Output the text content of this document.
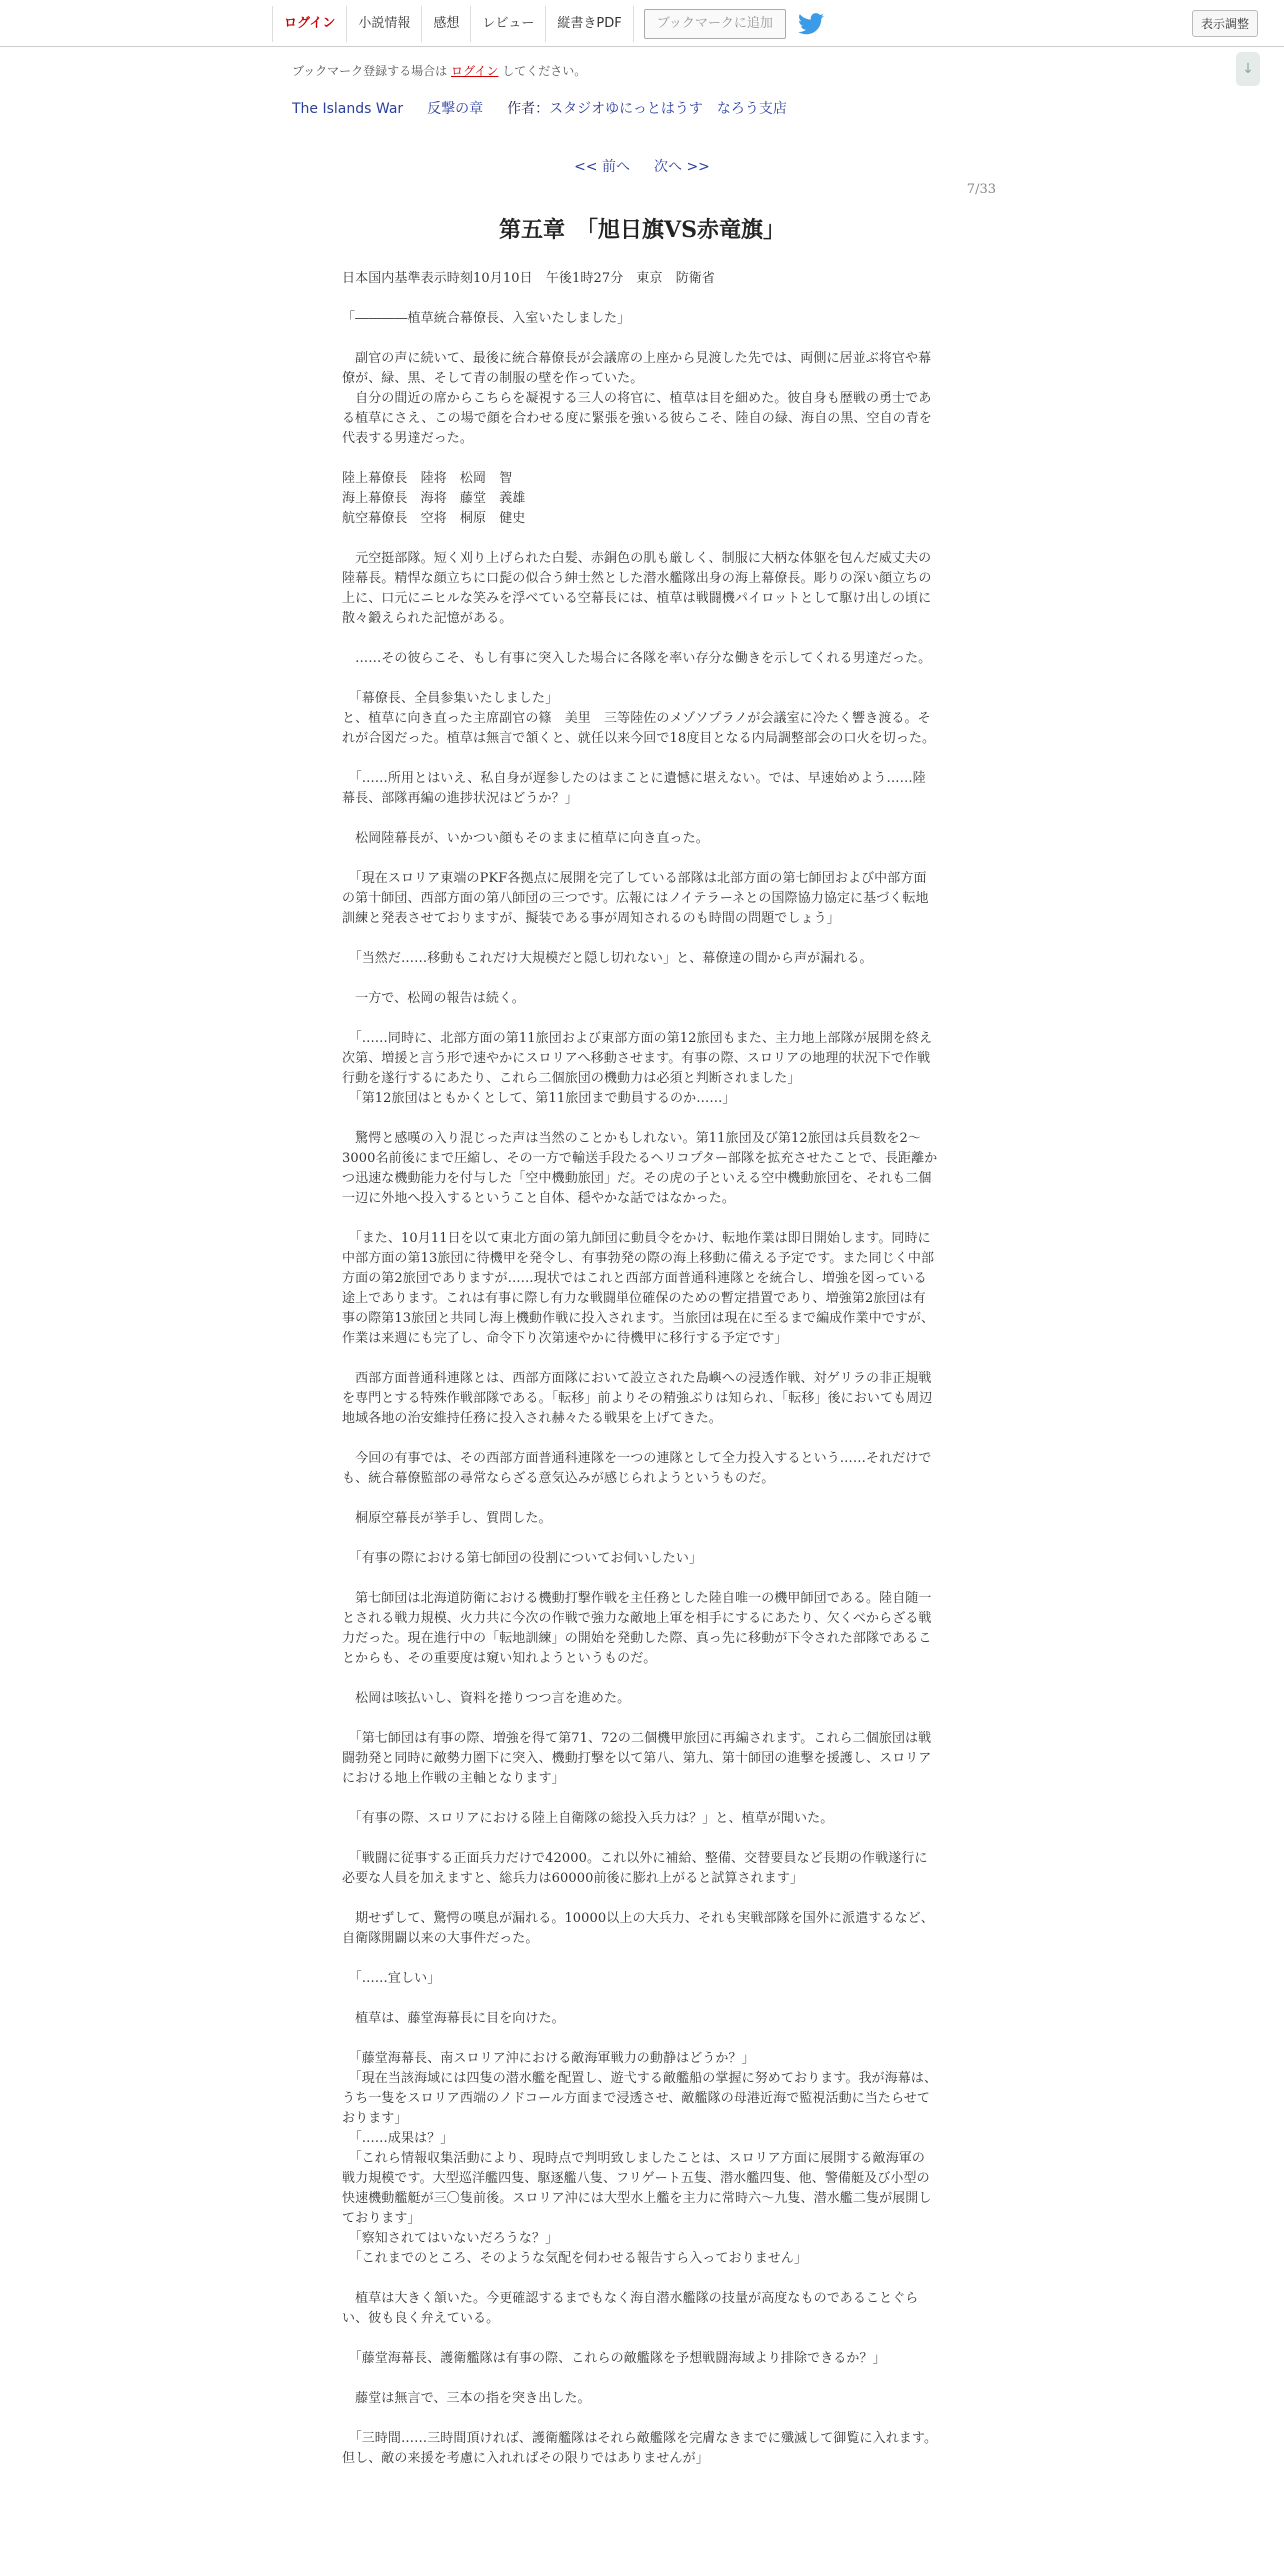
ログイン	小説情報	感想	レビュー	縦書きPDF	ブックマークに追加	表示調整
↓
ブックマーク登録する場合は ログイン してください。
The Islands War 反撃の章 作者：スタジオゆにっとはうす　なろう支店
<< 前へ 次へ >>
7/33
第五章　「旭日旗VS赤竜旗」

日本国内基準表示時刻10月10日　午後1時27分　東京　防衛省

「――――植草統合幕僚長、入室いたしました」

　副官の声に続いて、最後に統合幕僚長が会議席の上座から見渡した先では、両側に居並ぶ将官や幕僚が、緑、黒、そして青の制服の壁を作っていた。

　自分の間近の席からこちらを凝視する三人の将官に、植草は目を細めた。彼自身も歴戦の勇士である植草にさえ、この場で顔を合わせる度に緊張を強いる彼らこそ、陸自の緑、海自の黒、空自の青を代表する男達だった。

陸上幕僚長　陸将　松岡　智

海上幕僚長　海将　藤堂　義雄

航空幕僚長　空将　桐原　健史

　元空挺部隊。短く刈り上げられた白髪、赤銅色の肌も厳しく、制服に大柄な体躯を包んだ威丈夫の陸幕長。精悍な顔立ちに口髭の似合う紳士然とした潜水艦隊出身の海上幕僚長。彫りの深い顔立ちの上に、口元にニヒルな笑みを浮べている空幕長には、植草は戦闘機パイロットとして駆け出しの頃に散々鍛えられた記憶がある。

　……その彼らこそ、もし有事に突入した場合に各隊を率い存分な働きを示してくれる男達だった。

　「幕僚長、全員参集いたしました」

と、植草に向き直った主席副官の篠　美里　三等陸佐のメゾソプラノが会議室に冷たく響き渡る。それが合図だった。植草は無言で頷くと、就任以来今回で18度目となる内局調整部会の口火を切った。

　「……所用とはいえ、私自身が遅参したのはまことに遺憾に堪えない。では、早速始めよう……陸幕長、部隊再編の進捗状況はどうか？」

　松岡陸幕長が、いかつい顔もそのままに植草に向き直った。

　「現在スロリア東端のPKF各拠点に展開を完了している部隊は北部方面の第七師団および中部方面の第十師団、西部方面の第八師団の三つです。広報にはノイテラーネとの国際協力協定に基づく転地訓練と発表させておりますが、擬装である事が周知されるのも時間の問題でしょう」

　「当然だ……移動もこれだけ大規模だと隠し切れない」と、幕僚達の間から声が漏れる。

　一方で、松岡の報告は続く。

　「……同時に、北部方面の第11旅団および東部方面の第12旅団もまた、主力地上部隊が展開を終え次第、増援と言う形で速やかにスロリアへ移動させます。有事の際、スロリアの地理的状況下で作戦行動を遂行するにあたり、これら二個旅団の機動力は必須と判断されました」

　「第12旅団はともかくとして、第11旅団まで動員するのか……」

　驚愕と感嘆の入り混じった声は当然のことかもしれない。第11旅団及び第12旅団は兵員数を2～3000名前後にまで圧縮し、その一方で輸送手段たるヘリコプター部隊を拡充させたことで、長距離かつ迅速な機動能力を付与した「空中機動旅団」だ。その虎の子といえる空中機動旅団を、それも二個一辺に外地へ投入するということ自体、穏やかな話ではなかった。

　「また、10月11日を以て東北方面の第九師団に動員令をかけ、転地作業は即日開始します。同時に中部方面の第13旅団に待機甲を発令し、有事勃発の際の海上移動に備える予定です。また同じく中部方面の第2旅団でありますが……現状ではこれと西部方面普通科連隊とを統合し、増強を図っている途上であります。これは有事に際し有力な戦闘単位確保のための暫定措置であり、増強第2旅団は有事の際第13旅団と共同し海上機動作戦に投入されます。当旅団は現在に至るまで編成作業中ですが、作業は来週にも完了し、命令下り次第速やかに待機甲に移行する予定です」

　西部方面普通科連隊とは、西部方面隊において設立された島嶼への浸透作戦、対ゲリラの非正規戦を専門とする特殊作戦部隊である。「転移」前よりその精強ぶりは知られ、「転移」後においても周辺地域各地の治安維持任務に投入され赫々たる戦果を上げてきた。

　今回の有事では、その西部方面普通科連隊を一つの連隊として全力投入するという……それだけでも、統合幕僚監部の尋常ならざる意気込みが感じられようというものだ。

　桐原空幕長が挙手し、質問した。

　「有事の際における第七師団の役割についてお伺いしたい」

　第七師団は北海道防衛における機動打撃作戦を主任務とした陸自唯一の機甲師団である。陸自随一とされる戦力規模、火力共に今次の作戦で強力な敵地上軍を相手にするにあたり、欠くべからざる戦力だった。現在進行中の「転地訓練」の開始を発動した際、真っ先に移動が下令された部隊であることからも、その重要度は窺い知れようというものだ。

　松岡は咳払いし、資料を捲りつつ言を進めた。

　「第七師団は有事の際、増強を得て第71、72の二個機甲旅団に再編されます。これら二個旅団は戦闘勃発と同時に敵勢力圏下に突入、機動打撃を以て第八、第九、第十師団の進撃を援護し、スロリアにおける地上作戦の主軸となります」

　「有事の際、スロリアにおける陸上自衛隊の総投入兵力は？」と、植草が聞いた。

　「戦闘に従事する正面兵力だけで42000。これ以外に補給、整備、交替要員など長期の作戦遂行に必要な人員を加えますと、総兵力は60000前後に膨れ上がると試算されます」

　期せずして、驚愕の嘆息が漏れる。10000以上の大兵力、それも実戦部隊を国外に派遣するなど、自衛隊開闢以来の大事件だった。

　「……宜しい」

　植草は、藤堂海幕長に目を向けた。

　「藤堂海幕長、南スロリア沖における敵海軍戦力の動静はどうか？」

　「現在当該海域には四隻の潜水艦を配置し、遊弋する敵艦船の掌握に努めております。我が海幕は、うち一隻をスロリア西端のノドコール方面まで浸透させ、敵艦隊の母港近海で監視活動に当たらせております」

　「……成果は？」

　「これら情報収集活動により、現時点で判明致しましたことは、スロリア方面に展開する敵海軍の戦力規模です。大型巡洋艦四隻、駆逐艦八隻、フリゲート五隻、潜水艦四隻、他、警備艇及び小型の快速機動艦艇が三〇隻前後。スロリア沖には大型水上艦を主力に常時六～九隻、潜水艦二隻が展開しております」

　「察知されてはいないだろうな？」

　「これまでのところ、そのような気配を伺わせる報告すら入っておりません」

　植草は大きく頷いた。今更確認するまでもなく海自潜水艦隊の技量が高度なものであることぐらい、彼も良く弁えている。

　「藤堂海幕長、護衛艦隊は有事の際、これらの敵艦隊を予想戦闘海域より排除できるか？」

　藤堂は無言で、三本の指を突き出した。

　「三時間……三時間頂ければ、護衛艦隊はそれら敵艦隊を完膚なきまでに殲滅して御覧に入れます。但し、敵の来援を考慮に入れればその限りではありませんが」
